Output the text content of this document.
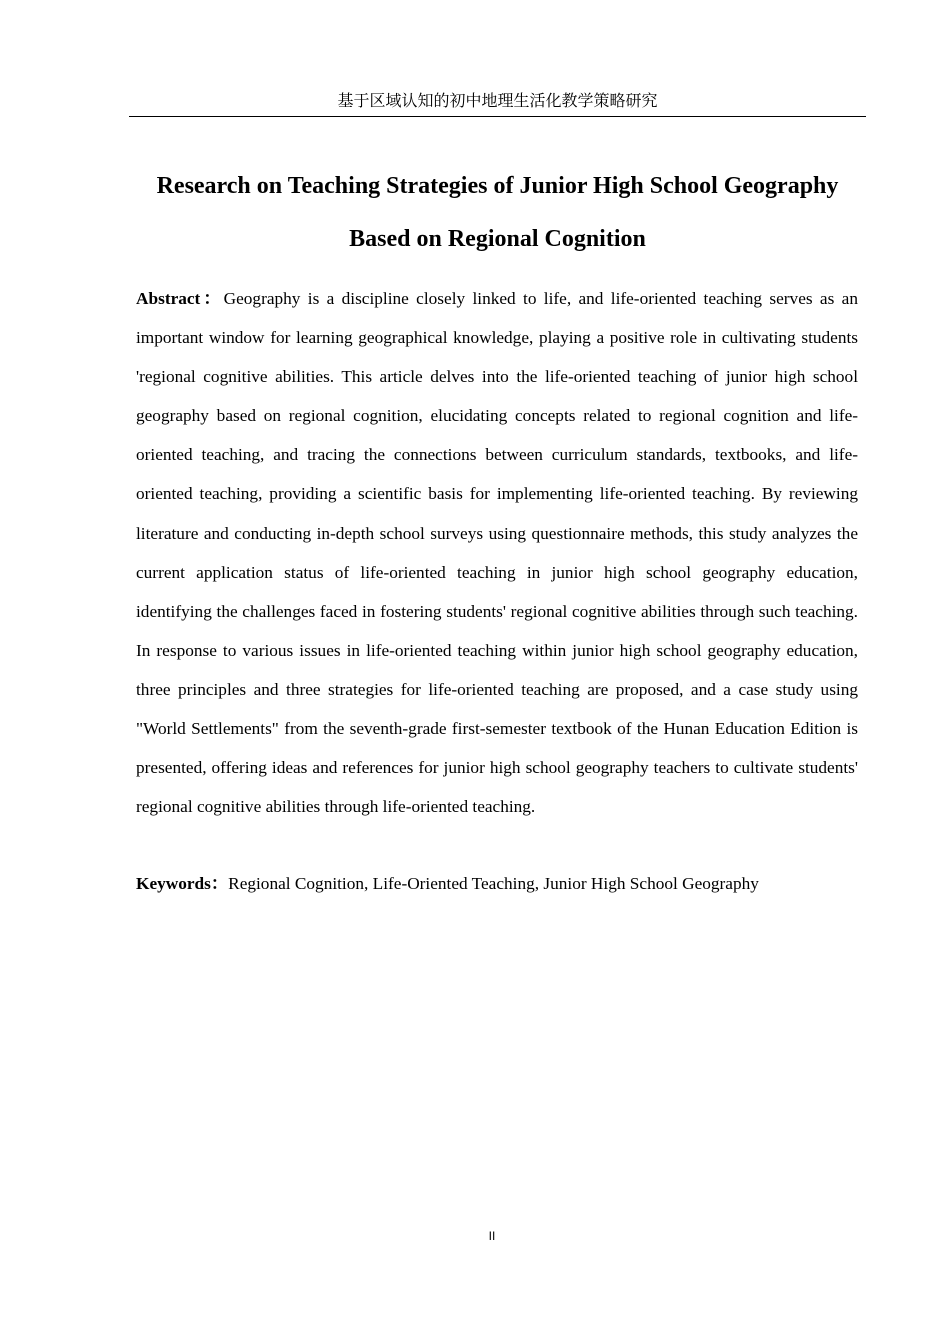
基于区域认知的初中地理生活化教学策略研究
Research on Teaching Strategies of Junior High School Geography Based on Regional Cognition

Abstract：Geography is a discipline closely linked to life, and life-oriented teaching serves as an important window for learning geographical knowledge, playing a positive role in cultivating students 'regional cognitive abilities. This article delves into the life-oriented teaching of junior high school geography based on regional cognition, elucidating concepts related to regional cognition and life-oriented teaching, and tracing the connections between curriculum standards, textbooks, and life-oriented teaching, providing a scientific basis for implementing life-oriented teaching. By reviewing literature and conducting in-depth school surveys using questionnaire methods, this study analyzes the current application status of life-oriented teaching in junior high school geography education, identifying the challenges faced in fostering students' regional cognitive abilities through such teaching. In response to various issues in life-oriented teaching within junior high school geography education, three principles and three strategies for life-oriented teaching are proposed, and a case study using "World Settlements" from the seventh-grade first-semester textbook of the Hunan Education Edition is presented, offering ideas and references for junior high school geography teachers to cultivate students' regional cognitive abilities through life-oriented teaching.

Keywords：Regional Cognition, Life-Oriented Teaching, Junior High School Geography

II
